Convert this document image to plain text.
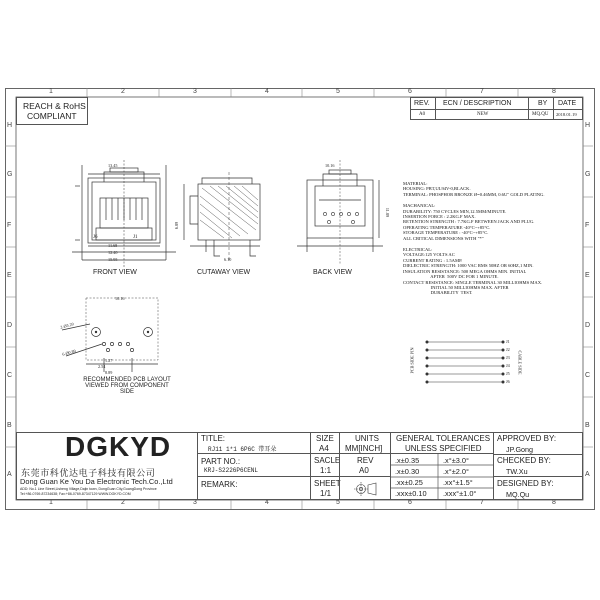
1	2	3	4	5	6	7	8
1	2	3	4	5	6	7	8
H
G
F
E
D
C
B
A
H
G
F
E
D
C
B
A
REACH & RoHS
COMPLIANT
REV. ECN / DESCRIPTION	BY DATE
A0	NEW	MQ.QU 2018.01.19
13.45
11.68
12.40
15.95
J6	J1
FRONT VIEW
6.89
6.10
CUTAWAY VIEW
10.16
11.89
BACK VIEW
MATERIAL:
HOUSING: PBT,UL94V-0,BLACK.
TERMINAL: PHOSPHOR BRONZE Ø=0.46MM, 0.6U" GOLD PLATING.
MACHANICAL:
DURABILITY: 750 CYCLES MIN,12.5MM/MINUTE.
INSERTION FORCE : 2.2KG.F MAX.
RETENTION STRENGTH : 7.7KG.F BETWEEN JACK AND PLUG.
OPERATING TEMPERATURE -40°C~+85°C.
STORAGE TEMPERATURE : -40°C~+85°C.
ALL CRITICAL DIMENSIONS WITH "*"
ELECTRICAL:
VOLTAGE:125 VOLTS AC
CURRENT RATING : 1.5AMP.
DIELECTRIC STRENGTH: 1000 VAC RMS 50HZ OR 60HZ,1 MIN.
INSULATION RESISTANCE: 500 MEGA OHMS MIN. INITIAL
AFTER  500V DC FOR 1 MINUTE.
CONTACT RESISTANCE: SINGLE TERMINAL 30 MILLIOHMS MAX.
INITIAL 50 MILLIOHMS MAX. AFTER
DURABILITY  TEST.
10.16
2-Ø3.20
6-Ø0.89
1.27
2.54
8.89
RECOMMENDED PCB LAYOUT
VIEWED FROM COMPONENT SIDE
PCB SIDE PIN	CABLE SIDE
J1
J2
J3
J4
J5
J6
DGKYD
东莞市科优达电子科技有限公司
Dong Guan Ke You Da Electronic Tech.Co.,Ltd
ADD: No.1 Line Street,Lisheng Village,Dajin town, DongGuan City,GuangDong Province
Tel:+86-0769-87234638; Fax:+86-0769-87347129 WWW.DGKYD.COM
TITLE:
RJ11 1*1 6P6C 带耳朵
PART NO.:
KRJ-S2226P6CENL
REMARK:
SIZE
A4
SACLE
1:1
SHEET
1/1
UNITS
MM[INCH]
REV
A0
GENERAL TOLERANCES
UNLESS SPECIFIED
.x±0.35	.x°±3.0°
.x±0.30	.x°±2.0°
.xx±0.25	.xx°±1.5°
.xxx±0.10 .xxx°±1.0°
APPROVED BY:
JP.Gong
CHECKED BY:
TW.Xu
DESIGNED BY:
MQ.Qu
